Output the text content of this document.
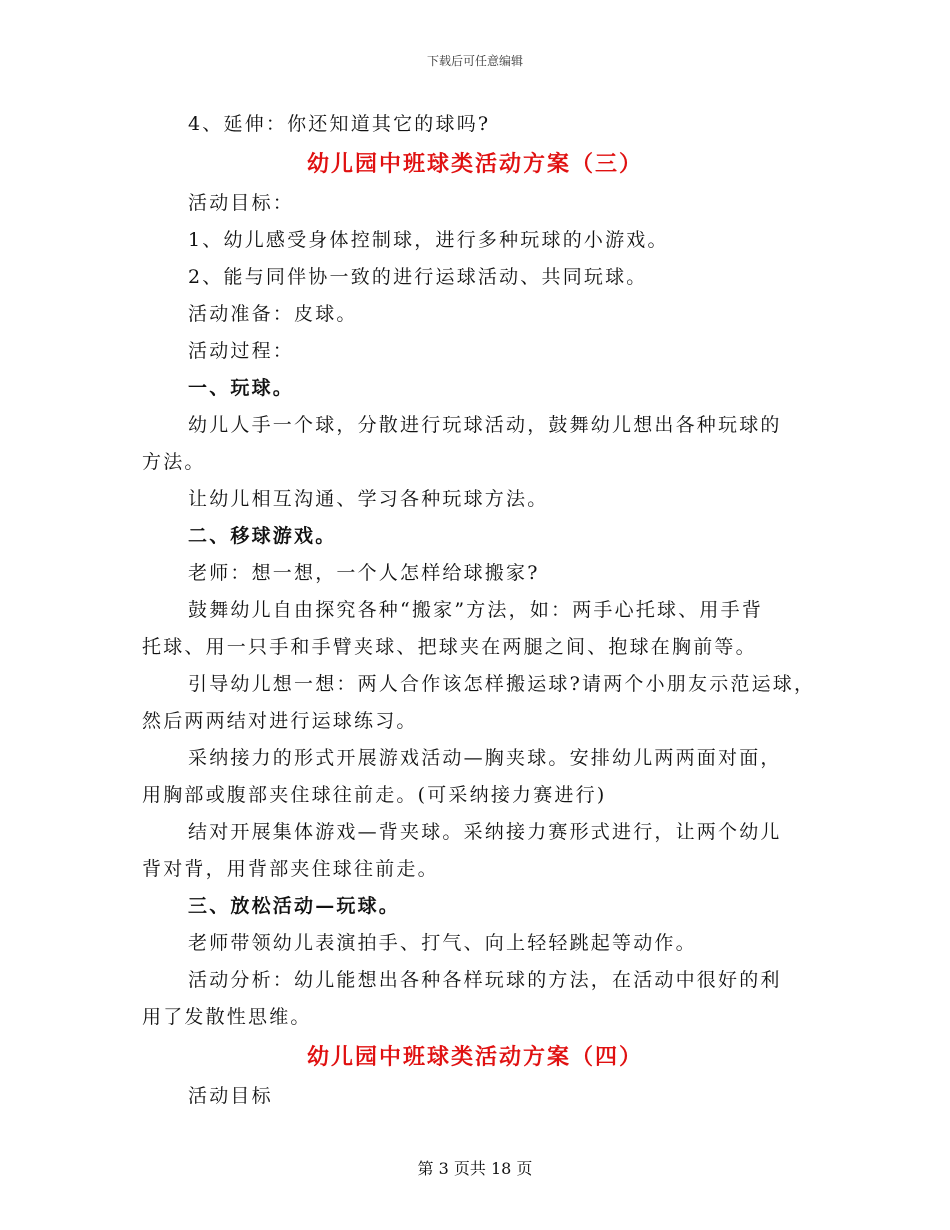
下载后可任意编辑

4、延伸：你还知道其它的球吗?

幼儿园中班球类活动方案（三）

活动目标：

1、幼儿感受身体控制球，进行多种玩球的小游戏。

2、能与同伴协一致的进行运球活动、共同玩球。

活动准备：皮球。

活动过程：

一、玩球。

幼儿人手一个球，分散进行玩球活动，鼓舞幼儿想出各种玩球的

方法。

让幼儿相互沟通、学习各种玩球方法。

二、移球游戏。

老师：想一想，一个人怎样给球搬家?

鼓舞幼儿自由探究各种“搬家”方法，如：两手心托球、用手背

托球、用一只手和手臂夹球、把球夹在两腿之间、抱球在胸前等。

引导幼儿想一想：两人合作该怎样搬运球?请两个小朋友示范运球，

然后两两结对进行运球练习。

采纳接力的形式开展游戏活动—胸夹球。安排幼儿两两面对面，

用胸部或腹部夹住球往前走。(可采纳接力赛进行)

结对开展集体游戏—背夹球。采纳接力赛形式进行，让两个幼儿

背对背，用背部夹住球往前走。

三、放松活动—玩球。

老师带领幼儿表演拍手、打气、向上轻轻跳起等动作。

活动分析：幼儿能想出各种各样玩球的方法，在活动中很好的利

用了发散性思维。

幼儿园中班球类活动方案（四）

活动目标

第 3 页共 18 页
